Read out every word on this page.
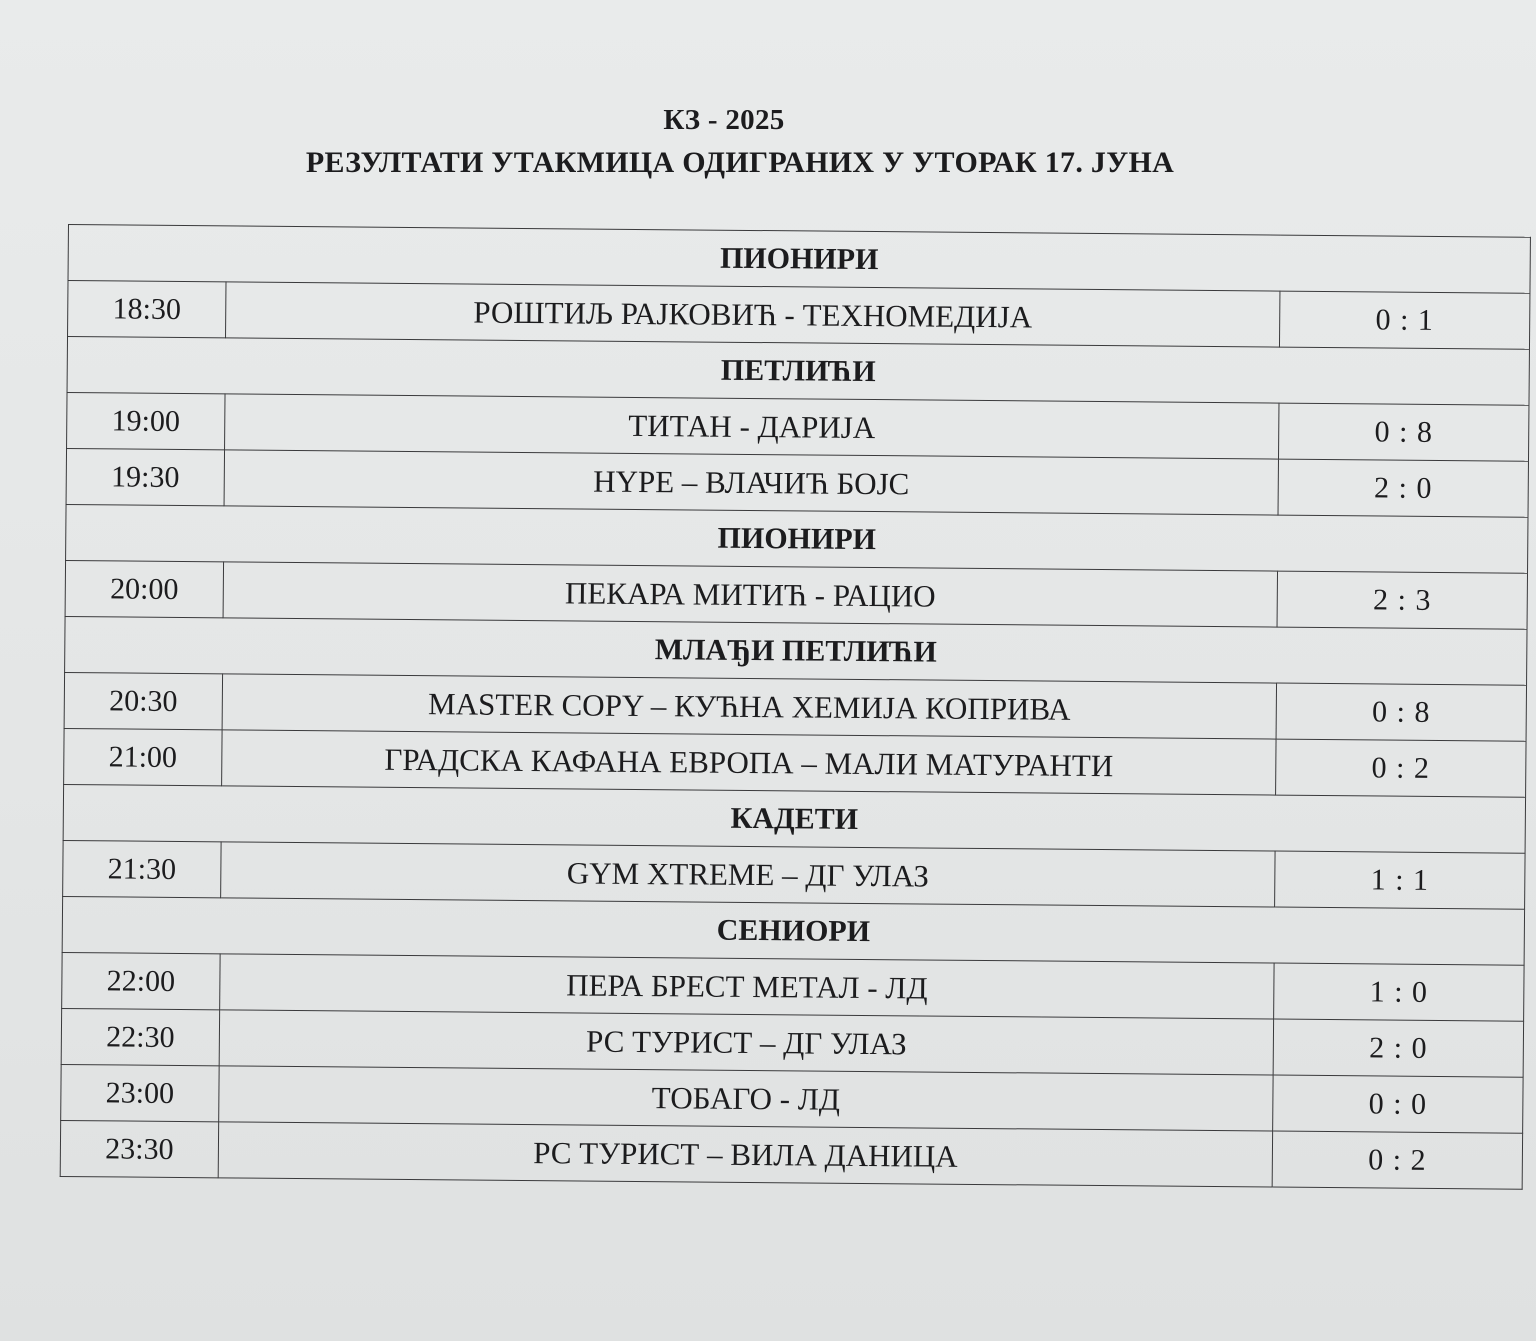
КЗ - 2025
РЕЗУЛТАТИ УТАКМИЦА ОДИГРАНИХ У УТОРАК 17. ЈУНА
ПИОНИРИ		
18:30	РОШТИЉ РАЈКОВИЋ - ТЕХНОМЕДИЈА	0 : 1
ПЕТЛИЋИ		
19:00	ТИТАН - ДАРИЈА	0 : 8
19:30	HYPE – ВЛАЧИЋ БОЈС	2 : 0
ПИОНИРИ		
20:00	ПЕКАРА МИТИЋ - РАЦИО	2 : 3
МЛАЂИ ПЕТЛИЋИ		
20:30	MASTER COPY – КУЋНА ХЕМИЈА КОПРИВА	0 : 8
21:00	ГРАДСКА КАФАНА ЕВРОПА – МАЛИ МАТУРАНТИ	0 : 2
КАДЕТИ		
21:30	GYM XTREME – ДГ УЛАЗ	1 : 1
СЕНИОРИ		
22:00	ПЕРА БРЕСТ МЕТАЛ - ЛД	1 : 0
22:30	РС ТУРИСТ – ДГ УЛАЗ	2 : 0
23:00	ТОБАГО - ЛД	0 : 0
23:30	РС ТУРИСТ – ВИЛА ДАНИЦА	0 : 2
